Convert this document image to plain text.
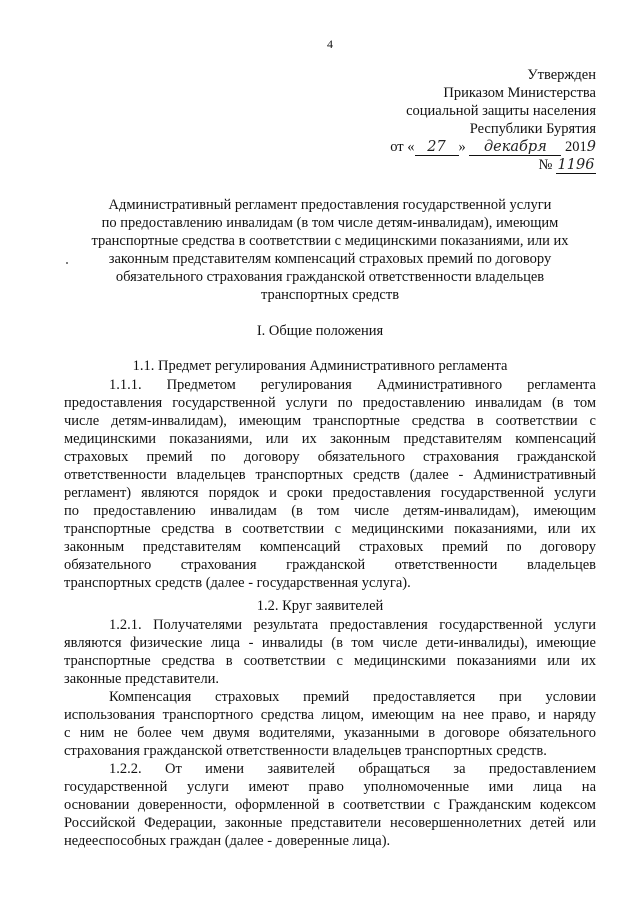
4
Утвержден
Приказом Министерства
социальной защиты населения
Республики Бурятия
от « 27 » декабря 2019
№ 1196
Административный регламент предоставления государственной услуги
по предоставлению инвалидам (в том числе детям-инвалидам), имеющим
транспортные средства в соответствии с медицинскими показаниями, или их
законным представителям компенсаций страховых премий по договору
обязательного страхования гражданской ответственности владельцев
транспортных средств
I. Общие положения
1.1. Предмет регулирования Административного регламента
1.1.1. Предметом регулирования Административного регламента
предоставления государственной услуги по предоставлению инвалидам (в том
числе детям-инвалидам), имеющим транспортные средства в соответствии с
медицинскими показаниями, или их законным представителям компенсаций
страховых премий по договору обязательного страхования гражданской
ответственности владельцев транспортных средств (далее - Административный
регламент) являются порядок и сроки предоставления государственной услуги
по предоставлению инвалидам (в том числе детям-инвалидам), имеющим
транспортные средства в соответствии с медицинскими показаниями, или их
законным представителям компенсаций страховых премий по договору
обязательного страхования гражданской ответственности владельцев
транспортных средств (далее - государственная услуга).
1.2. Круг заявителей
1.2.1. Получателями результата предоставления государственной услуги
являются физические лица - инвалиды (в том числе дети-инвалиды), имеющие
транспортные средства в соответствии с медицинскими показаниями или их
законные представители.
Компенсация страховых премий предоставляется при условии
использования транспортного средства лицом, имеющим на нее право, и наряду
с ним не более чем двумя водителями, указанными в договоре обязательного
страхования гражданской ответственности владельцев транспортных средств.
1.2.2. От имени заявителей обращаться за предоставлением
государственной услуги имеют право уполномоченные ими лица на
основании доверенности, оформленной в соответствии с Гражданским кодексом
Российской Федерации, законные представители несовершеннолетних детей или
недееспособных граждан (далее - доверенные лица).
